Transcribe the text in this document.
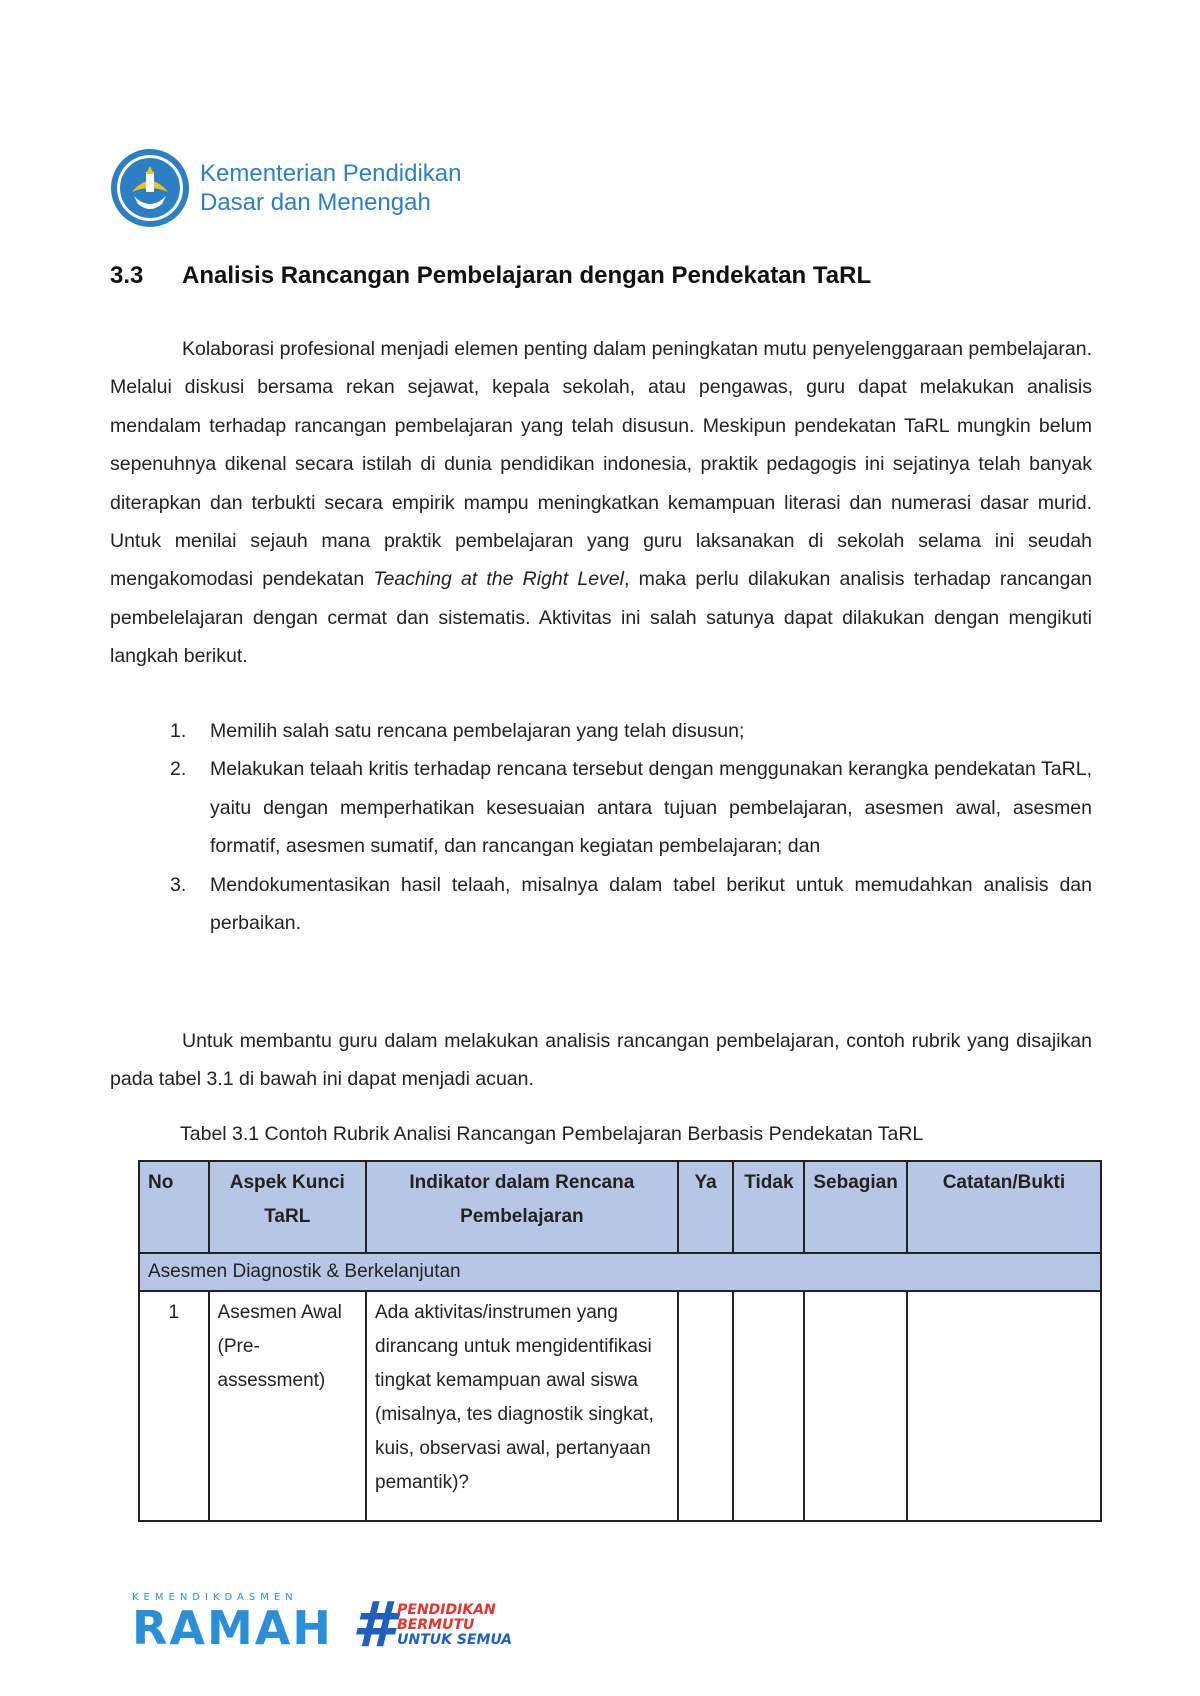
Kementerian Pendidikan
Dasar dan Menengah
3.3 Analisis Rancangan Pembelajaran dengan Pendekatan TaRL
Kolaborasi profesional menjadi elemen penting dalam peningkatan mutu penyelenggaraan pembelajaran. Melalui diskusi bersama rekan sejawat, kepala sekolah, atau pengawas, guru dapat melakukan analisis mendalam terhadap rancangan pembelajaran yang telah disusun. Meskipun pendekatan TaRL mungkin belum sepenuhnya dikenal secara istilah di dunia pendidikan indonesia, praktik pedagogis ini sejatinya telah banyak diterapkan dan terbukti secara empirik mampu meningkatkan kemampuan literasi dan numerasi dasar murid. Untuk menilai sejauh mana praktik pembelajaran yang guru laksanakan di sekolah selama ini seudah mengakomodasi pendekatan Teaching at the Right Level, maka perlu dilakukan analisis terhadap rancangan pembelelajaran dengan cermat dan sistematis. Aktivitas ini salah satunya dapat dilakukan dengan mengikuti langkah berikut.
1. Memilih salah satu rencana pembelajaran yang telah disusun;
2. Melakukan telaah kritis terhadap rencana tersebut dengan menggunakan kerangka pendekatan TaRL, yaitu dengan memperhatikan kesesuaian antara tujuan pembelajaran, asesmen awal, asesmen formatif, asesmen sumatif, dan rancangan kegiatan pembelajaran; dan
3. Mendokumentasikan hasil telaah, misalnya dalam tabel berikut untuk memudahkan analisis dan perbaikan.
Untuk membantu guru dalam melakukan analisis rancangan pembelajaran, contoh rubrik yang disajikan pada tabel 3.1 di bawah ini dapat menjadi acuan.
Tabel 3.1 Contoh Rubrik Analisi Rancangan Pembelajaran Berbasis Pendekatan TaRL
No	Aspek Kunci TaRL	Indikator dalam Rencana Pembelajaran	Ya	Tidak	Sebagian	Catatan/Bukti
Asesmen Diagnostik & Berkelanjutan						
1	Asesmen Awal (Pre-assessment)	Ada aktivitas/instrumen yang dirancang untuk mengidentifikasi tingkat kemampuan awal siswa (misalnya, tes diagnostik singkat, kuis, observasi awal, pertanyaan pemantik)?				
KEMENDIKDASMEN
RAMAH # PENDIDIKAN
BERMUTU
UNTUK SEMUA
